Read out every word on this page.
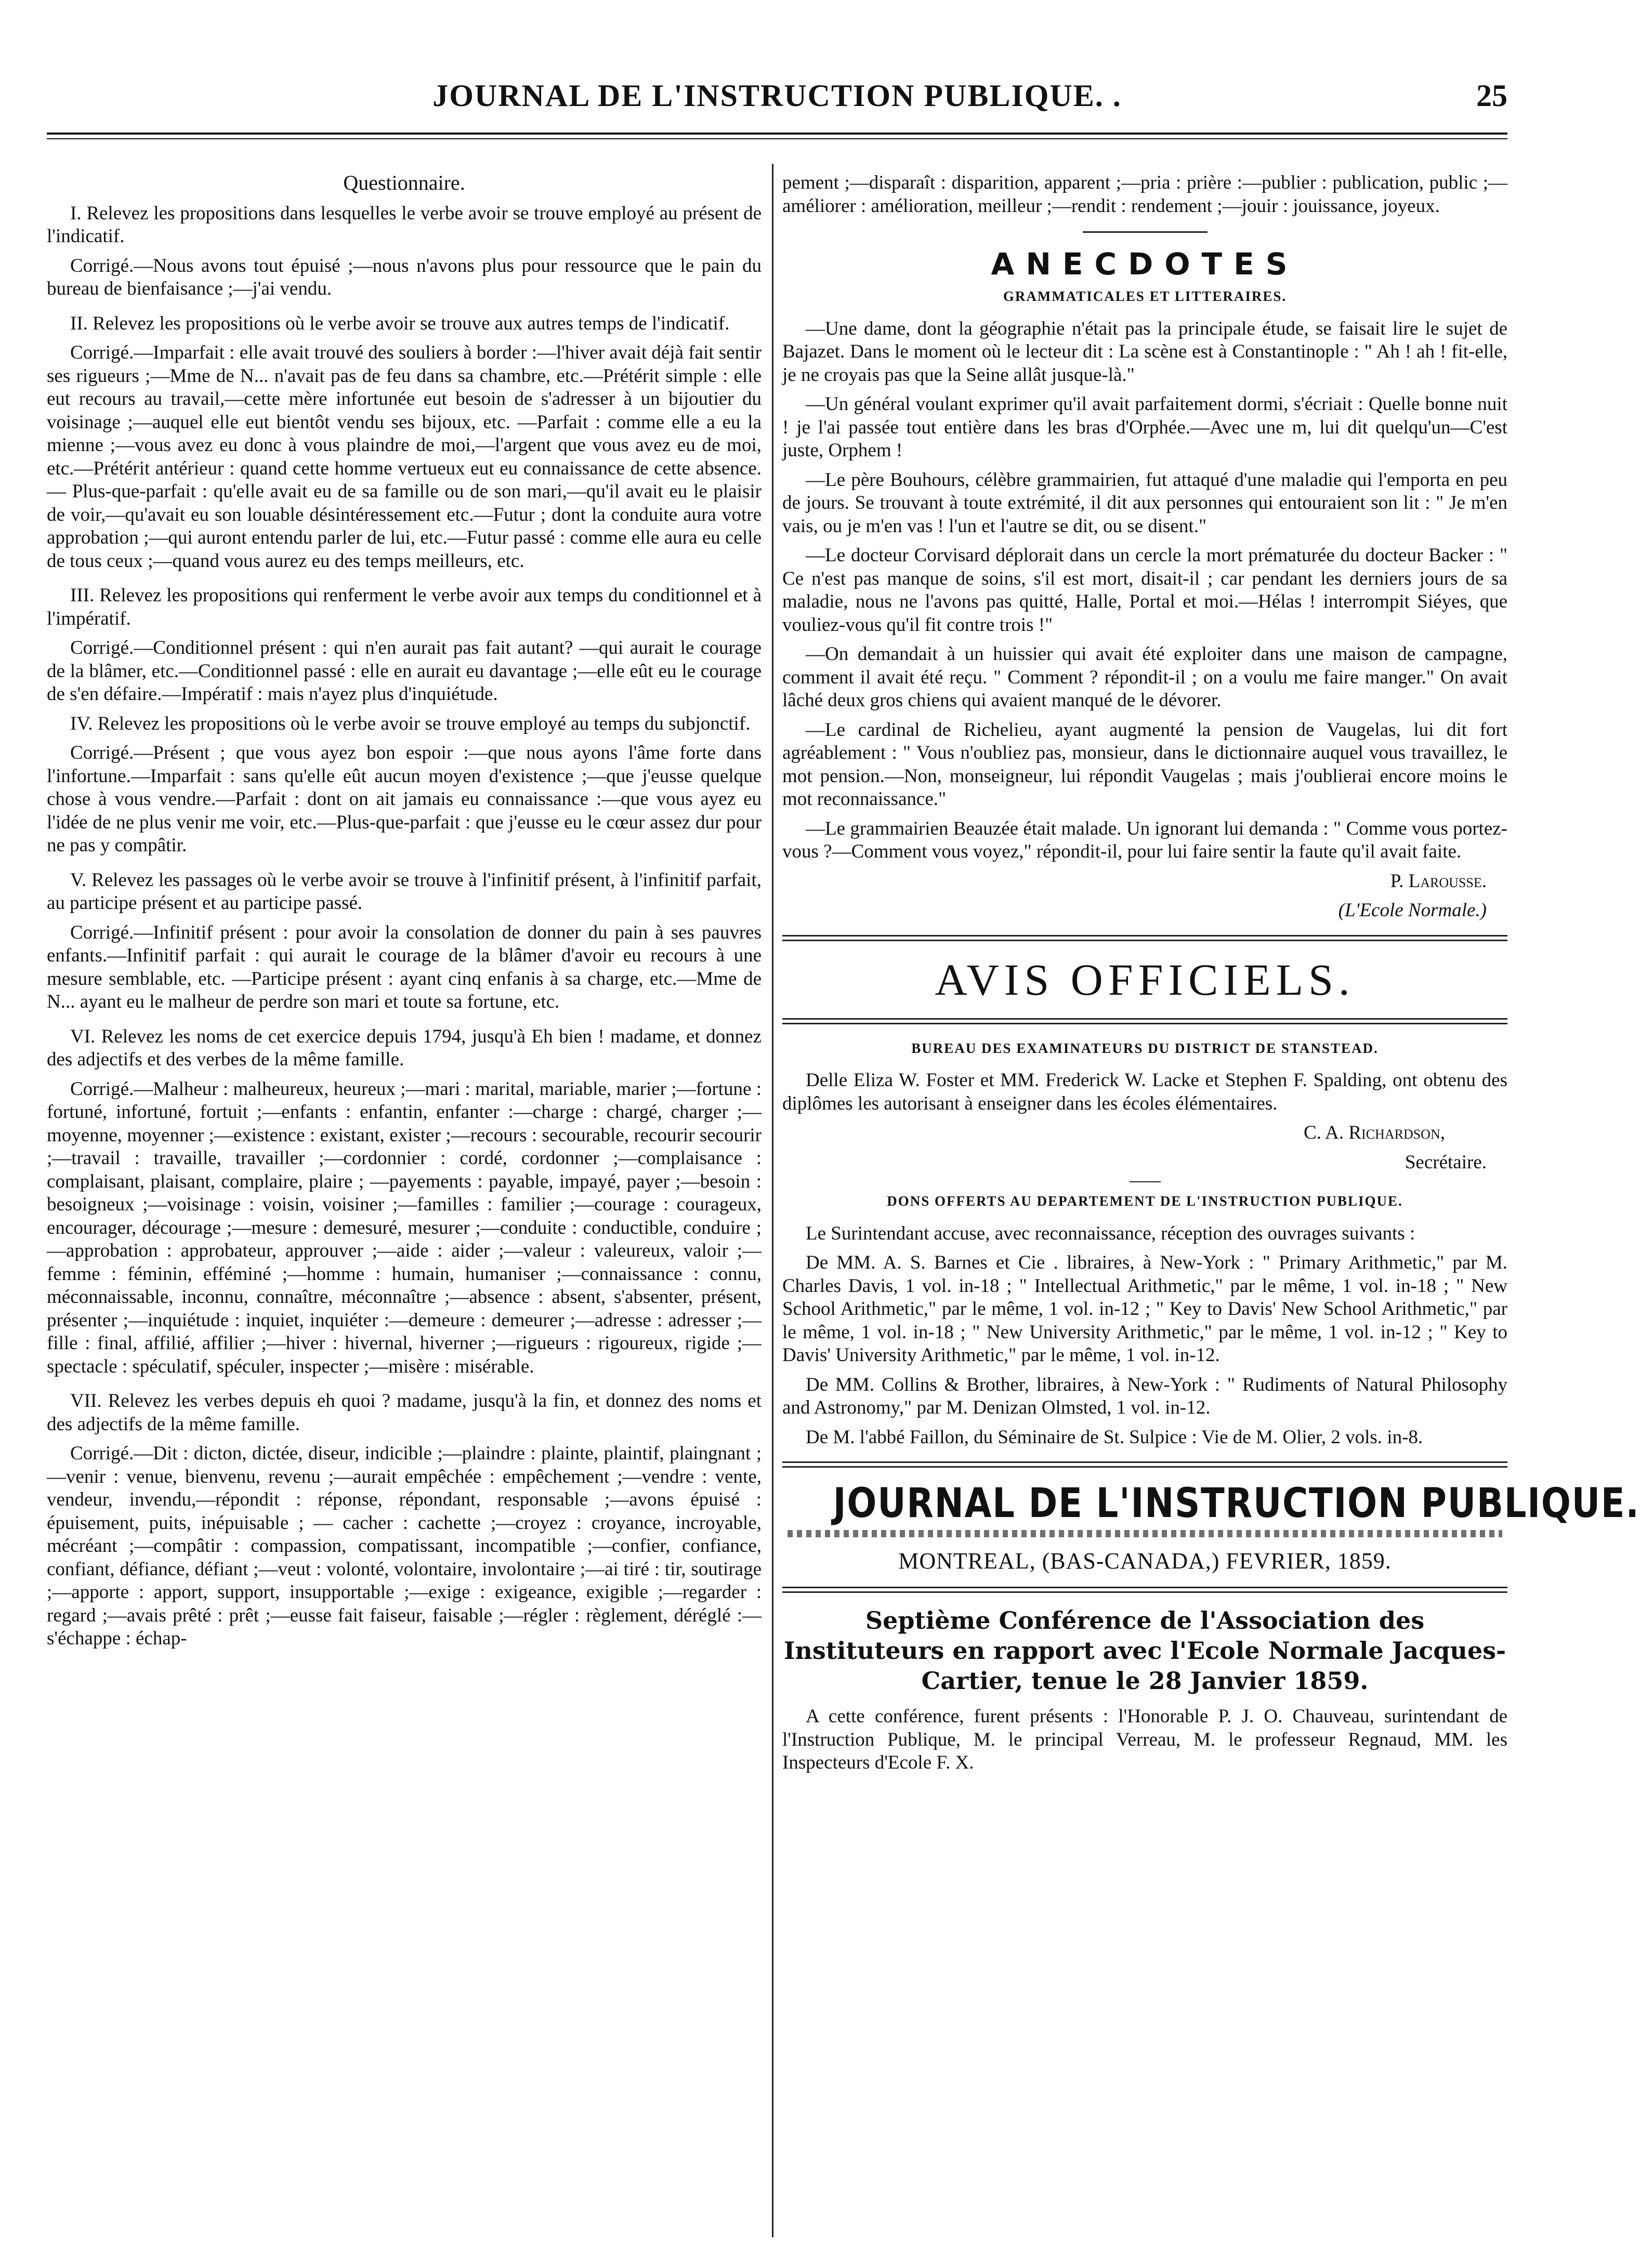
JOURNAL DE L'INSTRUCTION PUBLIQUE. .	25

Questionnaire.

I. Relevez les propositions dans lesquelles le verbe avoir se trouve employé au présent de l'indicatif.

Corrigé.—Nous avons tout épuisé ;—nous n'avons plus pour ressource que le pain du bureau de bienfaisance ;—j'ai vendu.

II. Relevez les propositions où le verbe avoir se trouve aux autres temps de l'indicatif.

Corrigé.—Imparfait : elle avait trouvé des souliers à border :—l'hiver avait déjà fait sentir ses rigueurs ;—Mme de N... n'avait pas de feu dans sa chambre, etc.—Prétérit simple : elle eut recours au travail,—cette mère infortunée eut besoin de s'adresser à un bijoutier du voisinage ;—auquel elle eut bientôt vendu ses bijoux, etc. —Parfait : comme elle a eu la mienne ;—vous avez eu donc à vous plaindre de moi,—l'argent que vous avez eu de moi, etc.—Prétérit antérieur : quand cette homme vertueux eut eu connaissance de cette absence.— Plus-que-parfait : qu'elle avait eu de sa famille ou de son mari,—qu'il avait eu le plaisir de voir,—qu'avait eu son louable désintéressement etc.—Futur ; dont la conduite aura votre approbation ;—qui auront entendu parler de lui, etc.—Futur passé : comme elle aura eu celle de tous ceux ;—quand vous aurez eu des temps meilleurs, etc.

III. Relevez les propositions qui renferment le verbe avoir aux temps du conditionnel et à l'impératif.

Corrigé.—Conditionnel présent : qui n'en aurait pas fait autant? —qui aurait le courage de la blâmer, etc.—Conditionnel passé : elle en aurait eu davantage ;—elle eût eu le courage de s'en défaire.—Impératif : mais n'ayez plus d'inquiétude.

IV. Relevez les propositions où le verbe avoir se trouve employé au temps du subjonctif.

Corrigé.—Présent ; que vous ayez bon espoir :—que nous ayons l'âme forte dans l'infortune.—Imparfait : sans qu'elle eût aucun moyen d'existence ;—que j'eusse quelque chose à vous vendre.—Parfait : dont on ait jamais eu connaissance :—que vous ayez eu l'idée de ne plus venir me voir, etc.—Plus-que-parfait : que j'eusse eu le cœur assez dur pour ne pas y compâtir.

V. Relevez les passages où le verbe avoir se trouve à l'infinitif présent, à l'infinitif parfait, au participe présent et au participe passé.

Corrigé.—Infinitif présent : pour avoir la consolation de donner du pain à ses pauvres enfants.—Infinitif parfait : qui aurait le courage de la blâmer d'avoir eu recours à une mesure semblable, etc. —Participe présent : ayant cinq enfanis à sa charge, etc.—Mme de N... ayant eu le malheur de perdre son mari et toute sa fortune, etc.

VI. Relevez les noms de cet exercice depuis 1794, jusqu'à Eh bien ! madame, et donnez des adjectifs et des verbes de la même famille.

Corrigé.—Malheur : malheureux, heureux ;—mari : marital, mariable, marier ;—fortune : fortuné, infortuné, fortuit ;—enfants : enfantin, enfanter :—charge : chargé, charger ;—moyenne, moyenner ;—existence : existant, exister ;—recours : secourable, recourir secourir ;—travail : travaille, travailler ;—cordonnier : cordé, cordonner ;—complaisance : complaisant, plaisant, complaire, plaire ; —payements : payable, impayé, payer ;—besoin : besoigneux ;—voisinage : voisin, voisiner ;—familles : familier ;—courage : courageux, encourager, décourage ;—mesure : demesuré, mesurer ;—conduite : conductible, conduire ;—approbation : approbateur, approuver ;—aide : aider ;—valeur : valeureux, valoir ;—femme : féminin, efféminé ;—homme : humain, humaniser ;—connaissance : connu, méconnaissable, inconnu, connaître, méconnaître ;—absence : absent, s'absenter, présent, présenter ;—inquiétude : inquiet, inquiéter :—demeure : demeurer ;—adresse : adresser ;—fille : final, affilié, affilier ;—hiver : hivernal, hiverner ;—rigueurs : rigoureux, rigide ;—spectacle : spéculatif, spéculer, inspecter ;—misère : misérable.

VII. Relevez les verbes depuis eh quoi ? madame, jusqu'à la fin, et donnez des noms et des adjectifs de la même famille.

Corrigé.—Dit : dicton, dictée, diseur, indicible ;—plaindre : plainte, plaintif, plaingnant ;—venir : venue, bienvenu, revenu ;—aurait empêchée : empêchement ;—vendre : vente, vendeur, invendu,—répondit : réponse, répondant, responsable ;—avons épuisé : épuisement, puits, inépuisable ; — cacher : cachette ;—croyez : croyance, incroyable, mécréant ;—compâtir : compassion, compatissant, incompatible ;—confier, confiance, confiant, défiance, défiant ;—veut : volonté, volontaire, involontaire ;—ai tiré : tir, soutirage ;—apporte : apport, support, insupportable ;—exige : exigeance, exigible ;—regarder : regard ;—avais prêté : prêt ;—eusse fait faiseur, faisable ;—régler : règlement, déréglé :—s'échappe : échap-

pement ;—disparaît : disparition, apparent ;—pria : prière :—publier : publication, public ;—améliorer : amélioration, meilleur ;—rendit : rendement ;—jouir : jouissance, joyeux.

ANECDOTES

GRAMMATICALES ET LITTERAIRES.

—Une dame, dont la géographie n'était pas la principale étude, se faisait lire le sujet de Bajazet. Dans le moment où le lecteur dit : La scène est à Constantinople : " Ah ! ah ! fit-elle, je ne croyais pas que la Seine allât jusque-là."

—Un général voulant exprimer qu'il avait parfaitement dormi, s'écriait : Quelle bonne nuit ! je l'ai passée tout entière dans les bras d'Orphée.—Avec une m, lui dit quelqu'un—C'est juste, Orphem !

—Le père Bouhours, célèbre grammairien, fut attaqué d'une maladie qui l'emporta en peu de jours. Se trouvant à toute extrémité, il dit aux personnes qui entouraient son lit : " Je m'en vais, ou je m'en vas ! l'un et l'autre se dit, ou se disent."

—Le docteur Corvisard déplorait dans un cercle la mort prématurée du docteur Backer : " Ce n'est pas manque de soins, s'il est mort, disait-il ; car pendant les derniers jours de sa maladie, nous ne l'avons pas quitté, Halle, Portal et moi.—Hélas ! interrompit Siéyes, que vouliez-vous qu'il fit contre trois !"

—On demandait à un huissier qui avait été exploiter dans une maison de campagne, comment il avait été reçu. " Comment ? répondit-il ; on a voulu me faire manger." On avait lâché deux gros chiens qui avaient manqué de le dévorer.

—Le cardinal de Richelieu, ayant augmenté la pension de Vaugelas, lui dit fort agréablement : " Vous n'oubliez pas, monsieur, dans le dictionnaire auquel vous travaillez, le mot pension.—Non, monseigneur, lui répondit Vaugelas ; mais j'oublierai encore moins le mot reconnaissance."

—Le grammairien Beauzée était malade. Un ignorant lui demanda : " Comme vous portez-vous ?—Comment vous voyez," répondit-il, pour lui faire sentir la faute qu'il avait faite.

P. Larousse.

(L'Ecole Normale.)

AVIS OFFICIELS.

BUREAU DES EXAMINATEURS DU DISTRICT DE STANSTEAD.

Delle Eliza W. Foster et MM. Frederick W. Lacke et Stephen F. Spalding, ont obtenu des diplômes les autorisant à enseigner dans les écoles élémentaires.

C. A. Richardson,

Secrétaire.

DONS OFFERTS AU DEPARTEMENT DE L'INSTRUCTION PUBLIQUE.

Le Surintendant accuse, avec reconnaissance, réception des ouvrages suivants :

De MM. A. S. Barnes et Cie . libraires, à New-York : " Primary Arithmetic," par M. Charles Davis, 1 vol. in-18 ; " Intellectual Arithmetic," par le même, 1 vol. in-18 ; " New School Arithmetic," par le même, 1 vol. in-12 ; " Key to Davis' New School Arithmetic," par le même, 1 vol. in-18 ; " New University Arithmetic," par le même, 1 vol. in-12 ; " Key to Davis' University Arithmetic," par le même, 1 vol. in-12.

De MM. Collins & Brother, libraires, à New-York : " Rudiments of Natural Philosophy and Astronomy," par M. Denizan Olmsted, 1 vol. in-12.

De M. l'abbé Faillon, du Séminaire de St. Sulpice : Vie de M. Olier, 2 vols. in-8.

JOURNAL DE L'INSTRUCTION PUBLIQUE.
MONTREAL, (BAS-CANADA,) FEVRIER, 1859.
Septième Conférence de l'Association des Instituteurs en rapport avec l'Ecole Normale Jacques-Cartier, tenue le 28 Janvier 1859.

A cette conférence, furent présents : l'Honorable P. J. O. Chauveau, surintendant de l'Instruction Publique, M. le principal Verreau, M. le professeur Regnaud, MM. les Inspecteurs d'Ecole F. X.
